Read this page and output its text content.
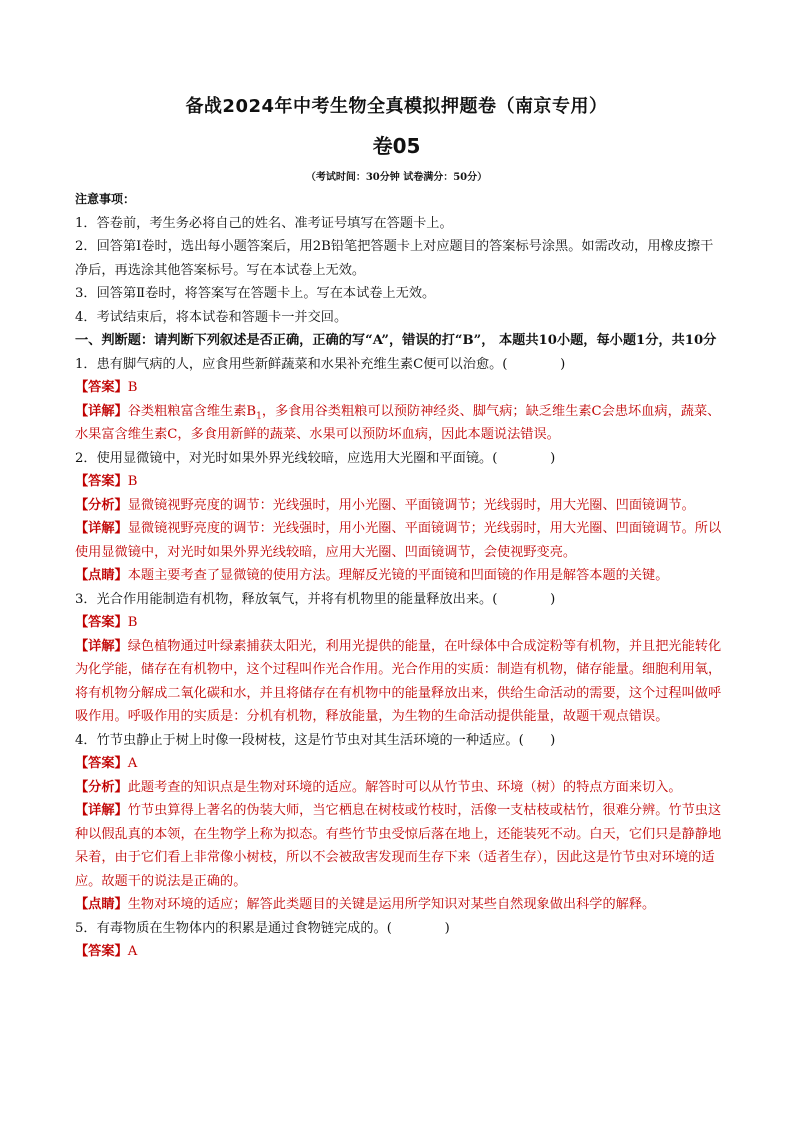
备战2024年中考生物全真模拟押题卷（南京专用）
卷05
（考试时间：30分钟 试卷满分：50分）

注意事项：

1．答卷前，考生务必将自己的姓名、准考证号填写在答题卡上。

2．回答第Ⅰ卷时，选出每小题答案后，用2B铅笔把答题卡上对应题目的答案标号涂黑。如需改动，用橡皮擦干净后，再选涂其他答案标号。写在本试卷上无效。

3．回答第Ⅱ卷时，将答案写在答题卡上。写在本试卷上无效。

4．考试结束后，将本试卷和答题卡一并交回。

一、判断题：请判断下列叙述是否正确，正确的写“A”，错误的打“B”， 本题共10小题，每小题1分，共10分

1．患有脚气病的人，应食用些新鲜蔬菜和水果补充维生素C便可以治愈。(　　　　)

【答案】B

【详解】谷类粗粮富含维生素$B_1$，多食用谷类粗粮可以预防神经炎、脚气病；缺乏维生素C会患坏血病，蔬菜、水果富含维生素C，多食用新鲜的蔬菜、水果可以预防坏血病，因此本题说法错误。

2．使用显微镜中，对光时如果外界光线较暗，应选用大光圈和平面镜。(　　　　)

【答案】B

【分析】显微镜视野亮度的调节：光线强时，用小光圈、平面镜调节；光线弱时，用大光圈、凹面镜调节。

【详解】显微镜视野亮度的调节：光线强时，用小光圈、平面镜调节；光线弱时，用大光圈、凹面镜调节。所以使用显微镜中，对光时如果外界光线较暗，应用大光圈、凹面镜调节，会使视野变亮。

【点睛】本题主要考查了显微镜的使用方法。理解反光镜的平面镜和凹面镜的作用是解答本题的关键。

3．光合作用能制造有机物，释放氧气，并将有机物里的能量释放出来。(　　　　)

【答案】B

【详解】绿色植物通过叶绿素捕获太阳光，利用光提供的能量，在叶绿体中合成淀粉等有机物，并且把光能转化为化学能，储存在有机物中，这个过程叫作光合作用。光合作用的实质：制造有机物，储存能量。细胞利用氧，将有机物分解成二氧化碳和水，并且将储存在有机物中的能量释放出来，供给生命活动的需要，这个过程叫做呼吸作用。呼吸作用的实质是：分机有机物，释放能量，为生物的生命活动提供能量，故题干观点错误。

4．竹节虫静止于树上时像一段树枝，这是竹节虫对其生活环境的一种适应。(　　)

【答案】A

【分析】此题考查的知识点是生物对环境的适应。解答时可以从竹节虫、环境（树）的特点方面来切入。

【详解】竹节虫算得上著名的伪装大师，当它栖息在树枝或竹枝时，活像一支枯枝或枯竹，很难分辨。竹节虫这种以假乱真的本领，在生物学上称为拟态。有些竹节虫受惊后落在地上，还能装死不动。白天，它们只是静静地呆着，由于它们看上非常像小树枝，所以不会被敌害发现而生存下来（适者生存），因此这是竹节虫对环境的适应。故题干的说法是正确的。

【点睛】生物对环境的适应；解答此类题目的关键是运用所学知识对某些自然现象做出科学的解释。

5．有毒物质在生物体内的积累是通过食物链完成的。(　　　　)

【答案】A
